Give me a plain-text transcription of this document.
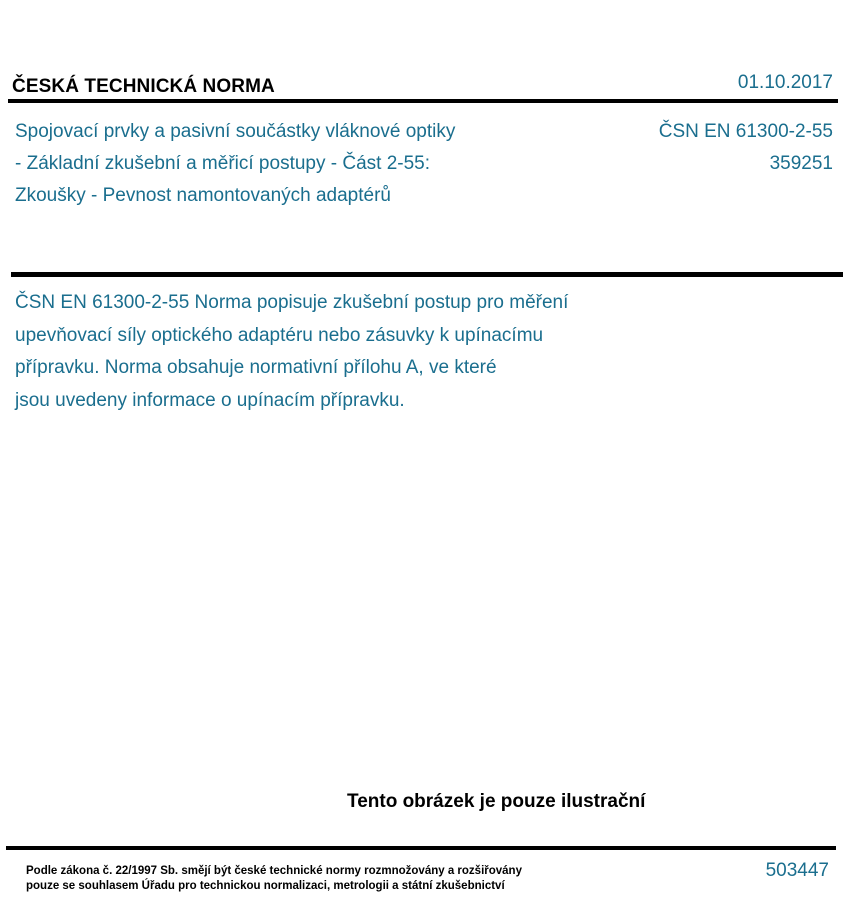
ČESKÁ TECHNICKÁ NORMA	01.10.2017
Spojovací prvky a pasivní součástky vláknové optiky
- Základní zkušební a měřicí postupy - Část 2-55:
Zkoušky - Pevnost namontovaných adaptérů
ČSN EN 61300-2-55
359251
ČSN EN 61300-2-55 Norma popisuje zkušební postup pro měření
upevňovací síly optického adaptéru nebo zásuvky k upínacímu
přípravku. Norma obsahuje normativní přílohu A, ve které
jsou uvedeny informace o upínacím přípravku.
Tento obrázek je pouze ilustrační
Podle zákona č. 22/1997 Sb. smějí být české technické normy rozmnožovány a rozšiřovány
pouze se souhlasem Úřadu pro technickou normalizaci, metrologii a státní zkušebnictví
503447
